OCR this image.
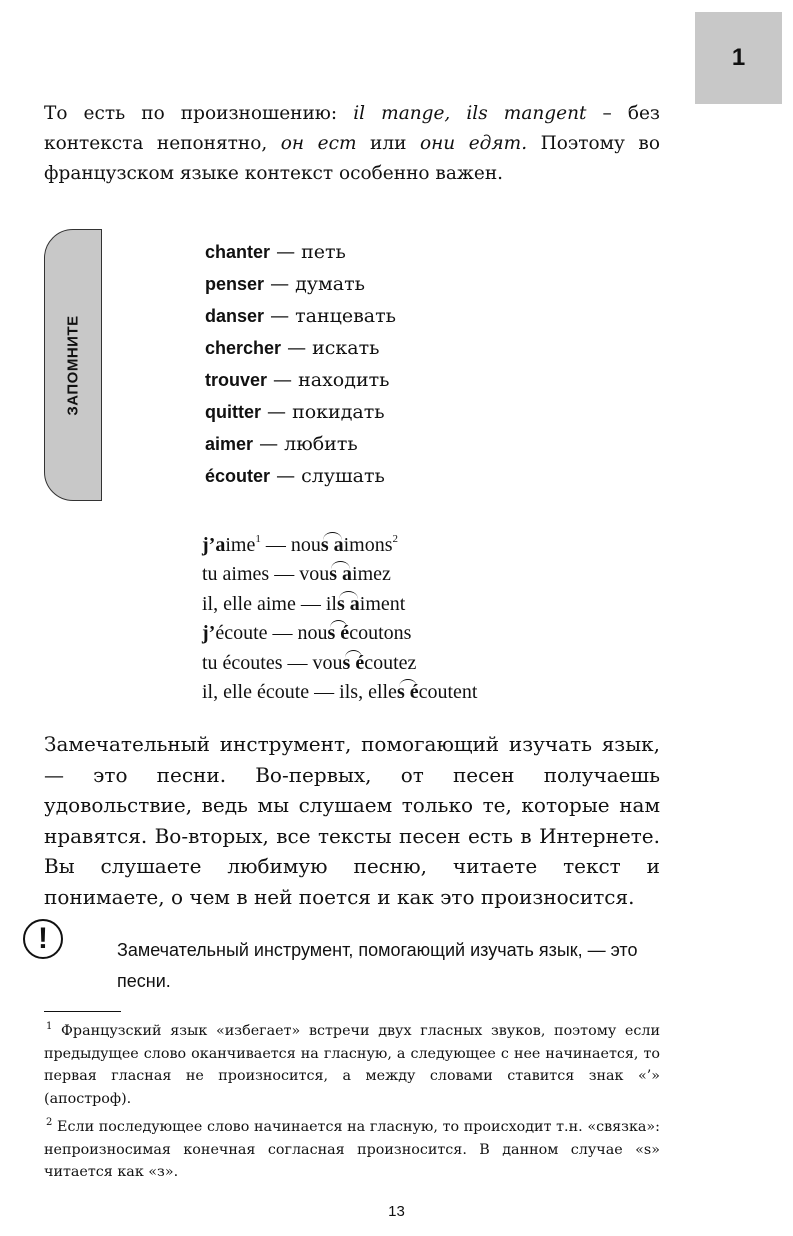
1
То есть по произношению: il mange, ils mangent – без контекста непонятно, он ест или они едят. Поэтому во французском языке контекст особенно важен.
ЗАПОМНИТЕ
chanter — петь
penser — думать
danser — танцевать
chercher — искать
trouver — находить
quitter — покидать
aimer — любить
écouter — слушать
j’aime$^1$ — nous aimons$^2$
tu aimes — vous aimez
il, elle aime — ils aiment
j’écoute — nous écoutons
tu écoutes — vous écoutez
il, elle écoute — ils, elles écoutent
Замечательный инструмент, помогающий изучать язык, — это песни. Во-первых, от песен получаешь удовольствие, ведь мы слушаем только те, которые нам нравятся. Во-вторых, все тексты песен есть в Интернете. Вы слушаете любимую песню, читаете текст и понимаете, о чем в ней поется и как это произносится.
!	Замечательный инструмент, помогающий изучать язык, — это песни.
$^1$ Французский язык «избегает» встречи двух гласных звуков, поэтому если предыдущее слово оканчивается на гласную, а следующее с нее начинается, то первая гласная не произносится, а между словами ставится знак «’» (апостроф).
$^2$ Если последующее слово начинается на гласную, то происходит т.н. «связка»: непроизносимая конечная согласная произносится. В данном случае «s» читается как «з».
13
